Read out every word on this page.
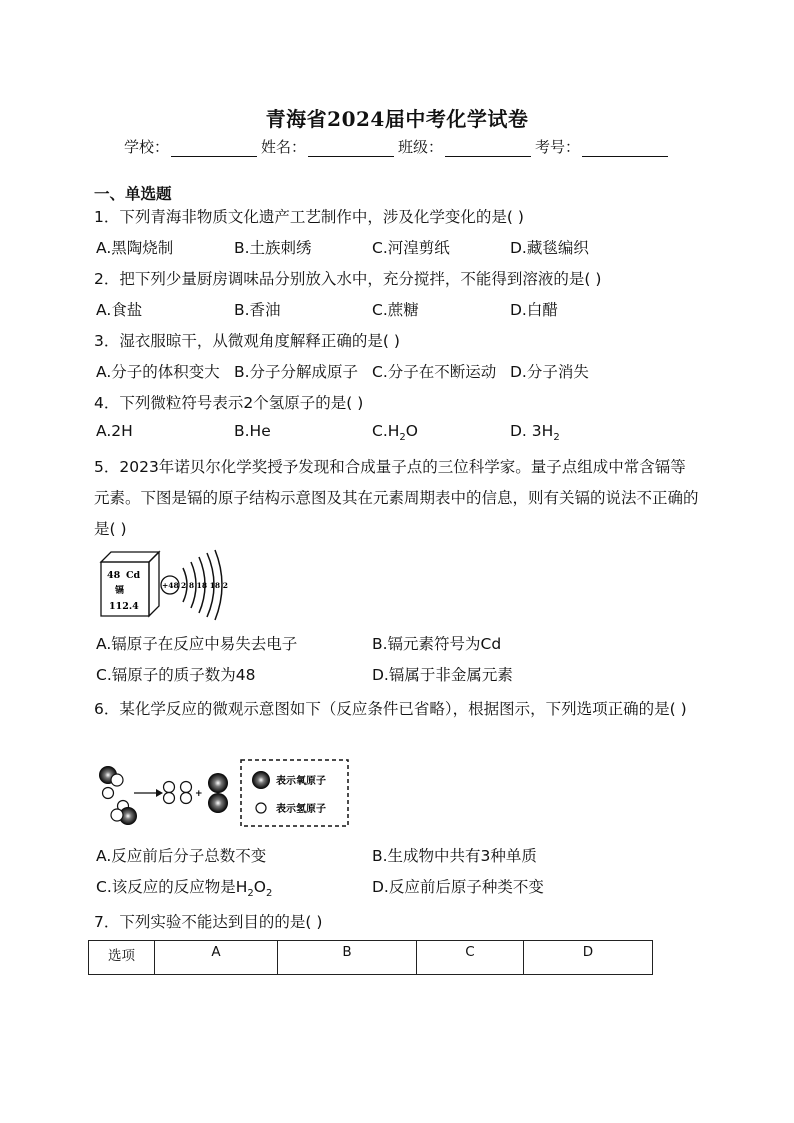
青海省2024届中考化学试卷
学校：	姓名：	班级：	考号：
一、单选题
1．下列青海非物质文化遗产工艺制作中，涉及化学变化的是( )
A.黑陶烧制	B.土族刺绣	C.河湟剪纸	D.藏毯编织
2．把下列少量厨房调味品分别放入水中，充分搅拌，不能得到溶液的是( )
A.食盐	B.香油	C.蔗糖	D.白醋
3．湿衣服晾干，从微观角度解释正确的是( )
A.分子的体积变大 B.分子分解成原子 C.分子在不断运动 D.分子消失
4．下列微粒符号表示2个氢原子的是( )
A.2H	B.He	$C.H_2O$	D. $3H_2$
5．2023年诺贝尔化学奖授予发现和合成量子点的三位科学家。量子点组成中常含镉等元素。下图是镉的原子结构示意图及其在元素周期表中的信息，则有关镉的说法不正确的是( )
48 Cd
镉
112.4
+48 2 8 18 18 2
A.镉原子在反应中易失去电子	B.镉元素符号为Cd
C.镉原子的质子数为48	D.镉属于非金属元素
6．某化学反应的微观示意图如下（反应条件已省略），根据图示，下列选项正确的是( )
+
表示氧原子
表示氢原子
A.反应前后分子总数不变	B.生成物中共有3种单质
C.该反应的反应物是$H_2O_2$	D.反应前后原子种类不变
7．下列实验不能达到目的的是( )
选项	A	B	C	D
